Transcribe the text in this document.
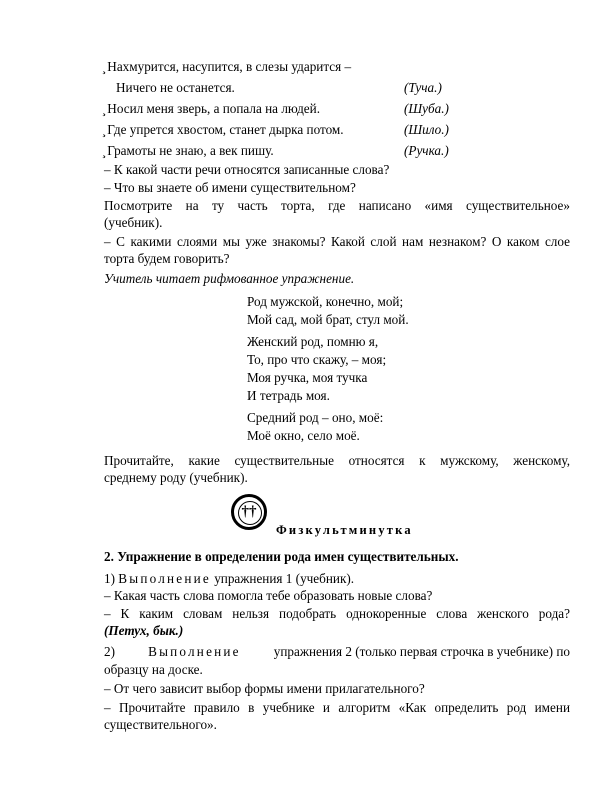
̧ Нахмурится, насупится, в слезы ударится –
Ничего не останется.	(Туча.)
̧ Носил меня зверь, а попала на людей.	(Шуба.)
̧ Где упрется хвостом, станет дырка потом.	(Шило.)
̧ Грамоты не знаю, а век пишу.	(Ручка.)
– К какой части речи относятся записанные слова?
– Что вы знаете об имени существительном?
Посмотрите на ту часть торта, где написано «имя существительное»
(учебник).
– С какими слоями мы уже знакомы? Какой слой нам незнаком? О каком слое
торта будем говорить?
Учитель читает рифмованное упражнение.
Род мужской, конечно, мой;
Мой сад, мой брат, стул мой.
Женский род, помню я,
То, про что скажу, – моя;
Моя ручка, моя тучка
И тетрадь моя.
Средний род – оно, моё:
Моё окно, село моё.
Прочитайте, какие существительные относятся к мужскому, женскому,
среднему роду (учебник).
††
Физкультминутка
2. Упражнение в определении рода имен существительных.
1) Выполнение упражнения 1 (учебник).
– Какая часть слова помогла тебе образовать новые слова?
– К каким словам нельзя подобрать однокоренные слова женского рода?
(Петух, бык.)
2)	Выполнение	упражнения 2 (только первая строчка в учебнике) по
образцу на доске.
– От чего зависит выбор формы имени прилагательного?
– Прочитайте правило в учебнике и алгоритм «Как определить род имени
существительного».
